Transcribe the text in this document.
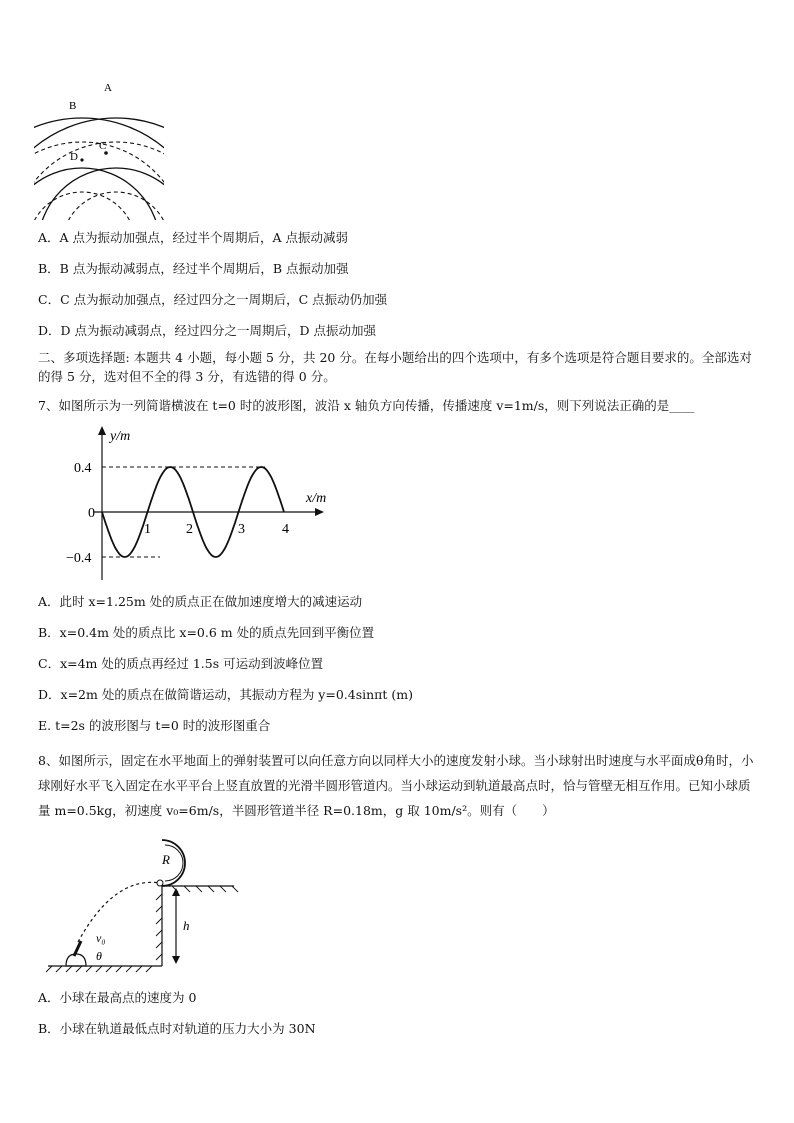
A
B
C
D
A．A 点为振动加强点，经过半个周期后，A 点振动减弱
B．B 点为振动减弱点，经过半个周期后，B 点振动加强
C．C 点为振动加强点，经过四分之一周期后，C 点振动仍加强
D．D 点为振动减弱点，经过四分之一周期后，D 点振动加强
二、多项选择题: 本题共 4 小题，每小题 5 分，共 20 分。在每小题给出的四个选项中，有多个选项是符合题目要求的。全部选对的得 5 分，选对但不全的得 3 分，有选错的得 0 分。
7、如图所示为一列简谐横波在 t=0 时的波形图，波沿 x 轴负方向传播，传播速度 v=1m/s，则下列说法正确的是____
y/m
x/m
0.4
0
−0.4
1	2	3	4
A．此时 x=1.25m 处的质点正在做加速度增大的减速运动
B．x=0.4m 处的质点比 x=0.6 m 处的质点先回到平衡位置
C．x=4m 处的质点再经过 1.5s 可运动到波峰位置
D．x=2m 处的质点在做简谐运动，其振动方程为 y=0.4sinπt (m)
E. t=2s 的波形图与 t=0 时的波形图重合
8、如图所示，固定在水平地面上的弹射装置可以向任意方向以同样大小的速度发射小球。当小球射出时速度与水平面成θ角时，小球刚好水平飞入固定在水平平台上竖直放置的光滑半圆形管道内。当小球运动到轨道最高点时，恰与管壁无相互作用。已知小球质量 m=0.5kg，初速度 v₀=6m/s，半圆形管道半径 R=0.18m，g 取 10m/s²。则有（　　）
R
h
v₀
θ
A．小球在最高点的速度为 0
B．小球在轨道最低点时对轨道的压力大小为 30N
